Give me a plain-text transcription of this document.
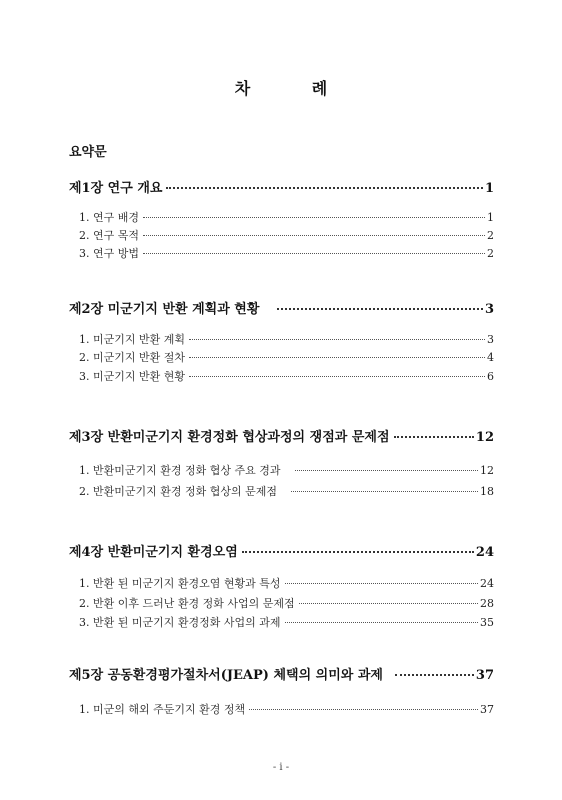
차 례
요약문
제1장 연구 개요	1
1. 연구 배경	1
2. 연구 목적	2
3. 연구 방법	2
제2장 미군기지 반환 계획과 현황	3
1. 미군기지 반환 계획	3
2. 미군기지 반환 절차	4
3. 미군기지 반환 현황	6
제3장 반환미군기지 환경정화 협상과정의 쟁점과 문제점	12
1. 반환미군기지 환경 정화 협상 주요 경과	12
2. 반환미군기지 환경 정화 협상의 문제점	18
제4장 반환미군기지 환경오염	24
1. 반환 된 미군기지 환경오염 현황과 특성	24
2. 반환 이후 드러난 환경 정화 사업의 문제점	28
3. 반환 된 미군기지 환경정화 사업의 과제	35
제5장 공동환경평가절차서(JEAP) 체택의 의미와 과제	37
1. 미군의 해외 주둔기지 환경 정책	37
- i -
